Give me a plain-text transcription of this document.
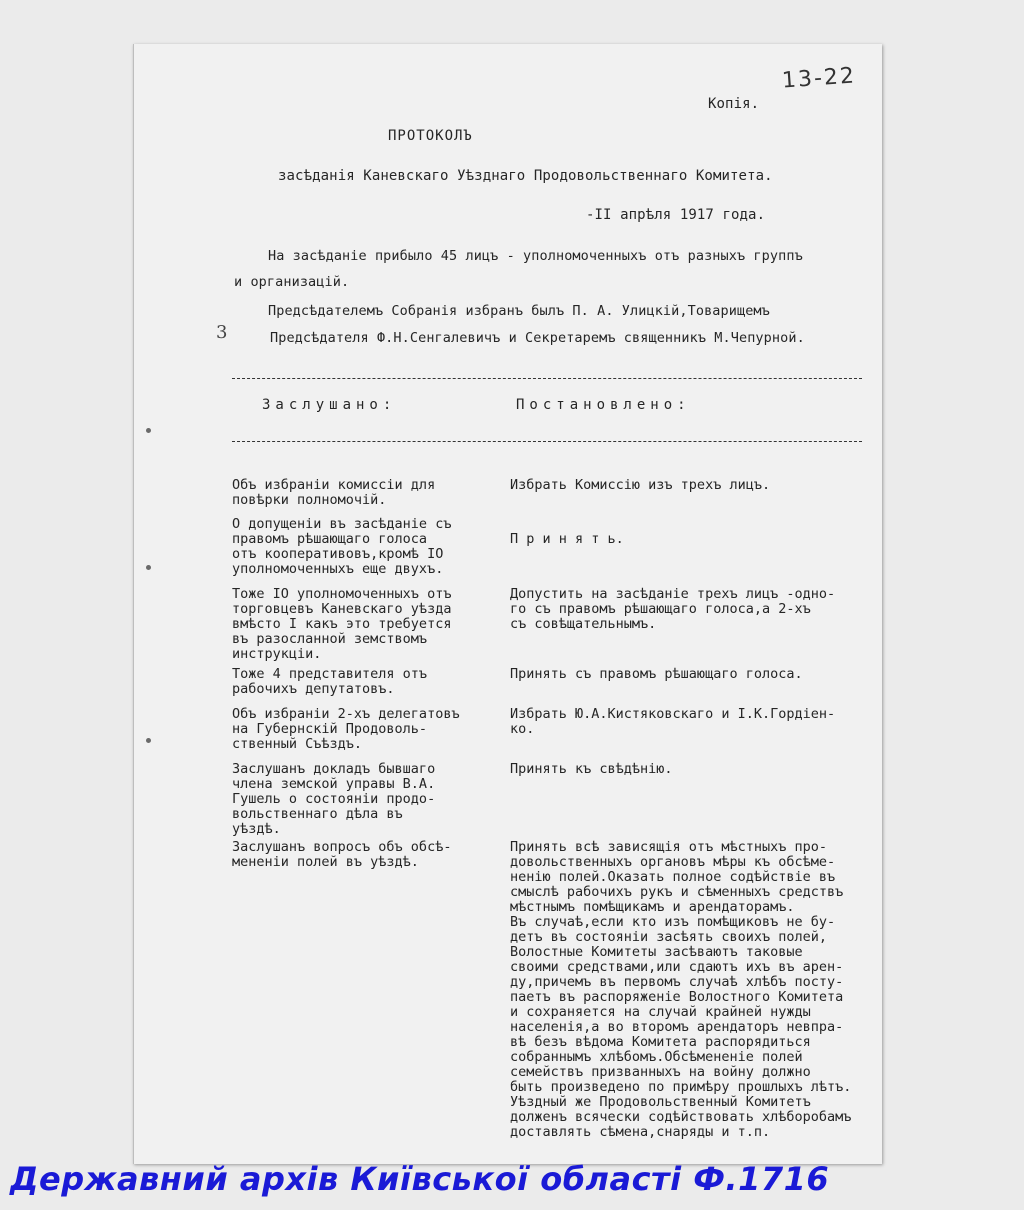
Копія.
13-22
ПРОТОКОЛЪ
засѣданія Каневскаго Уѣзднаго Продовольственнаго Комитета.
-II апрѣля 1917 года.
На засѣданіе прибыло 45 лицъ - уполномоченныхъ отъ разныхъ группъ
и организацій.
Предсѣдателемъ Собранія избранъ былъ П. А. Улицкій,Товарищемъ
Предсѣдателя Ф.Н.Сенгалевичъ и Секретаремъ священникъ М.Чепурной.
3
Заслушано:	Постановлено:
Объ избраніи комиссіи для
повѣрки полномочій.
Избрать Комиссію изъ трехъ лицъ.
О допущеніи въ засѣданіе съ
правомъ рѣшающаго голоса
отъ кооперативовъ,кромѣ IO
уполномоченныхъ еще двухъ.

П р и н я т ь.
Тоже IO уполномоченныхъ отъ
торговцевъ Каневскаго уѣзда
вмѣсто I какъ это требуется
въ разосланной земствомъ
инструкціи.
Допустить на засѣданіе трехъ лицъ -одно-
го съ правомъ рѣшающаго голоса,а 2-хъ
съ совѣщательнымъ.
Тоже 4 представителя отъ
рабочихъ депутатовъ.
Принять съ правомъ рѣшающаго голоса.
Объ избраніи 2-хъ делегатовъ
на Губернскій Продоволь-
ственный Съѣздъ.
Избрать Ю.А.Кистяковскаго и I.К.Гордіен-
ко.
Заслушанъ докладъ бывшаго
члена земской управы В.А.
Гушель о состояніи продо-
вольственнаго дѣла въ
уѣздѣ.
Принять къ свѣдѣнію.
Заслушанъ вопросъ объ обсѣ-
мененіи полей въ уѣздѣ.
Принять всѣ зависящія отъ мѣстныхъ про-
довольственныхъ органовъ мѣры къ обсѣме-
ненію полей.Оказать полное содѣйствіе въ
смыслѣ рабочихъ рукъ и сѣменныхъ средствъ
мѣстнымъ помѣщикамъ и арендаторамъ.
Въ случаѣ,если кто изъ помѣщиковъ не бу-
детъ въ состояніи засѣять своихъ полей,
Волостные Комитеты засѣваютъ таковые
своими средствами,или сдаютъ ихъ въ арен-
ду,причемъ въ первомъ случаѣ хлѣбъ посту-
паетъ въ распоряженіе Волостного Комитета
и сохраняется на случай крайней нужды
населенія,а во второмъ арендаторъ невпра-
вѣ безъ вѣдома Комитета распорядиться
собраннымъ хлѣбомъ.Обсѣмененіе полей
семействъ призванныхъ на войну должно
быть произведено по примѣру прошлыхъ лѣтъ.
Уѣздный же Продовольственный Комитетъ
долженъ всячески содѣйствовать хлѣборобамъ
доставлять сѣмена,снаряды и т.п.
Державний архів Київської області Ф.1716
